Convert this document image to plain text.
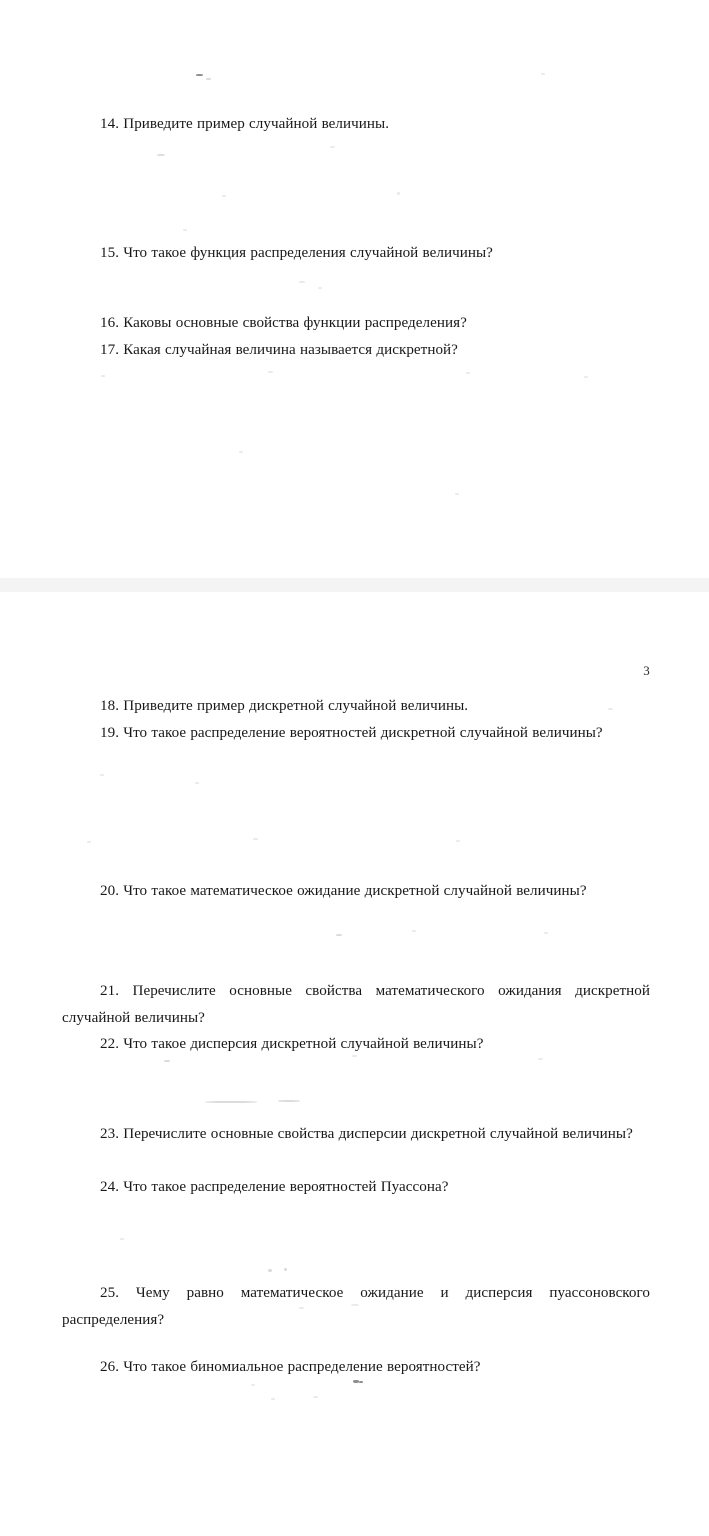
14. Приведите пример случайной величины.
15. Что такое функция распределения случайной величины?
16. Каковы основные свойства функции распределения?
17. Какая случайная величина называется дискретной?
3
18. Приведите пример дискретной случайной величины.
19. Что такое распределение вероятностей дискретной случайной величины?
20. Что такое математическое ожидание дискретной случайной величины?
21. Перечислите основные свойства математического ожидания дискретной случайной величины?
22. Что такое дисперсия дискретной случайной величины?
23. Перечислите основные свойства дисперсии дискретной случайной величины?
24. Что такое распределение вероятностей Пуассона?
25. Чему равно математическое ожидание и дисперсия пуассоновского распределения?
26. Что такое биномиальное распределение вероятностей?
